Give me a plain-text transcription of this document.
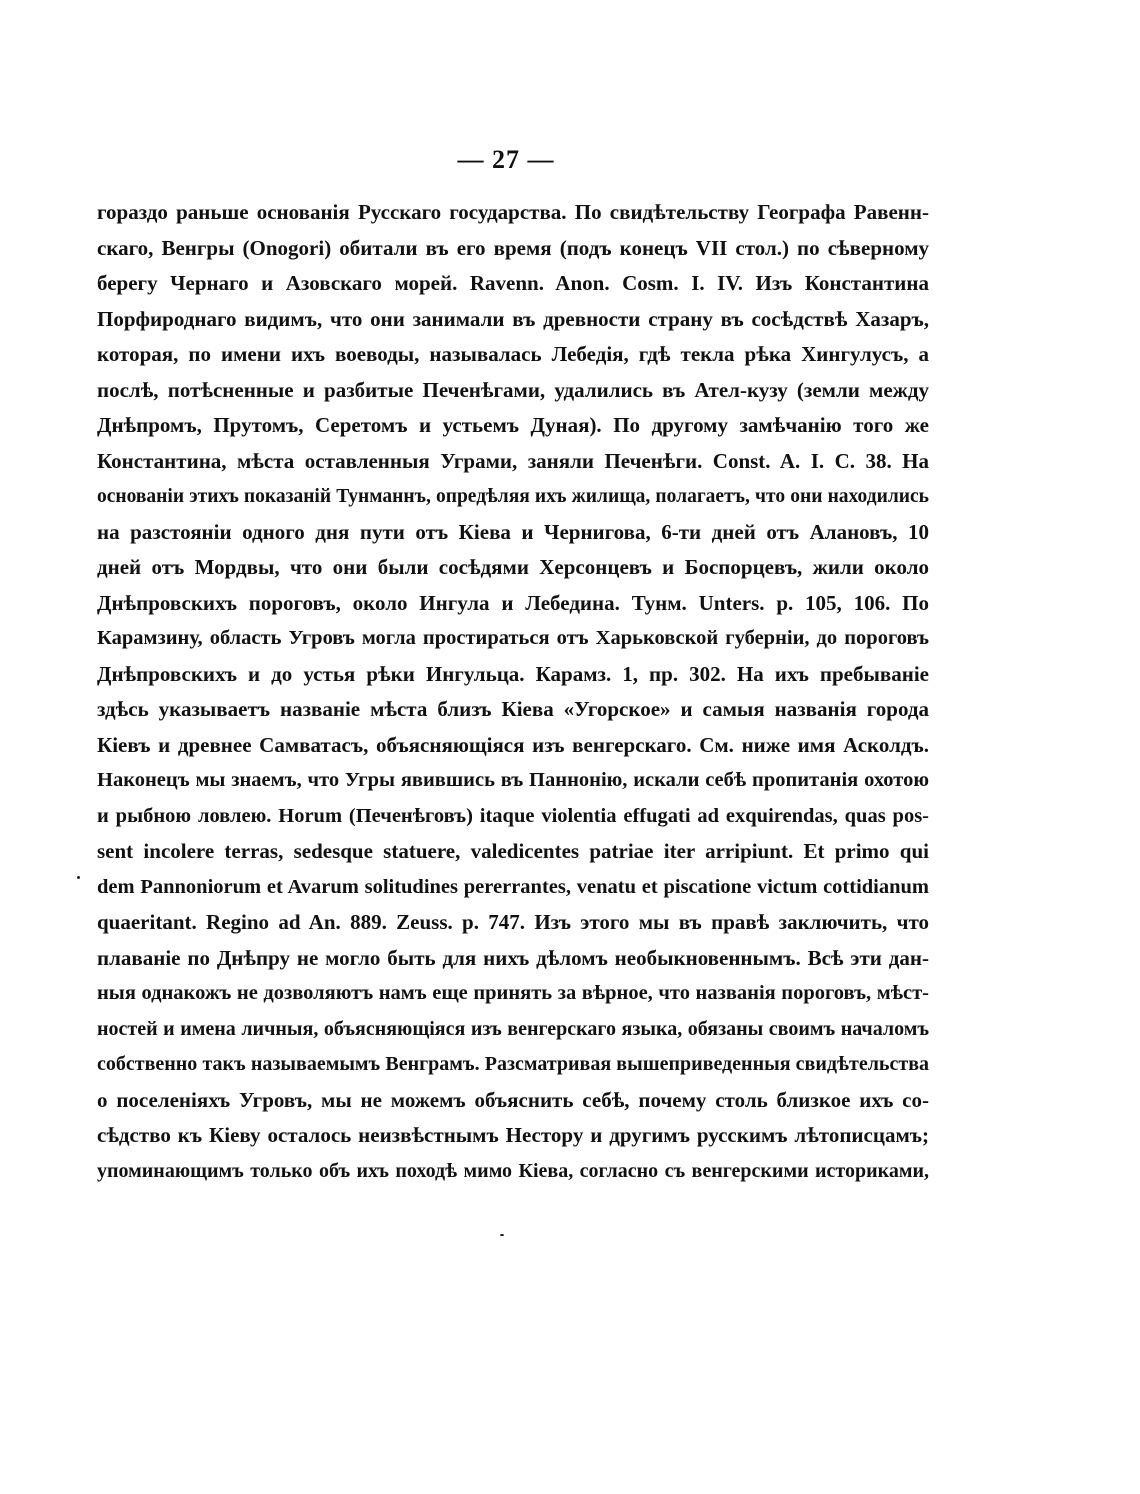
— 27 —
гораздо раньше основанія Русскаго государства. По свидѣтельству Географа Равенн-
скаго, Венгры (Onogori) обитали въ его время (подъ конецъ VII стол.) по сѣверному
берегу Чернаго и Азовскаго морей. Ravenn. Anon. Cosm. I. IV. Изъ Константина
Порфироднаго видимъ, что они занимали въ древности страну въ сосѣдствѣ Хазаръ,
которая, по имени ихъ воеводы, называлась Лебедія, гдѣ текла рѣка Хингулусъ, а
послѣ, потѣсненные и разбитые Печенѣгами, удалились въ Ател-кузу (земли между
Днѣпромъ, Прутомъ, Серетомъ и устьемъ Дуная). По другому замѣчанію того же
Константина, мѣста оставленныя Уграми, заняли Печенѣги. Const. A. I. C. 38. На
основаніи этихъ показаній Тунманнъ, опредѣляя ихъ жилища, полагаетъ, что они находились
на разстояніи одного дня пути отъ Кіева и Чернигова, 6-ти дней отъ Алановъ, 10
дней отъ Мордвы, что они были сосѣдями Херсонцевъ и Боспорцевъ, жили около
Днѣпровскихъ пороговъ, около Ингула и Лебедина. Тунм. Unters. p. 105, 106. По
Карамзину, область Угровъ могла простираться отъ Харьковской губерніи, до пороговъ
Днѣпровскихъ и до устья рѣки Ингульца. Карамз. 1, пр. 302. На ихъ пребываніе
здѣсь указываетъ названіе мѣста близъ Кіева «Угорское» и самыя названія города
Кіевъ и древнее Самватасъ, объясняющіяся изъ венгерскаго. См. ниже имя Асколдъ.
Наконецъ мы знаемъ, что Угры явившись въ Паннонію, искали себѣ пропитанія охотою
и рыбною ловлею. Horum (Печенѣговъ) itaque violentia effugati ad exquirendas, quas pos-
sent incolere terras, sedesque statuere, valedicentes patriae iter arripiunt. Et primo qui
dem Pannoniorum et Avarum solitudines pererrantes, venatu et piscatione victum cottidianum
quaeritant. Regino ad An. 889. Zeuss. p. 747. Изъ этого мы въ правѣ заключить, что
плаваніе по Днѣпру не могло быть для нихъ дѣломъ необыкновеннымъ. Всѣ эти дан-
ныя однакожъ не дозволяютъ намъ еще принять за вѣрное, что названія пороговъ, мѣст-
ностей и имена личныя, объясняющіяся изъ венгерскаго языка, обязаны своимъ началомъ
собственно такъ называемымъ Венграмъ. Разсматривая вышеприведенныя свидѣтельства
о поселеніяхъ Угровъ, мы не можемъ объяснить себѣ, почему столь близкое ихъ со-
сѣдство къ Кіеву осталось неизвѣстнымъ Нестору и другимъ русскимъ лѣтописцамъ;
упоминающимъ только объ ихъ походѣ мимо Кіева, согласно съ венгерскими историками,
